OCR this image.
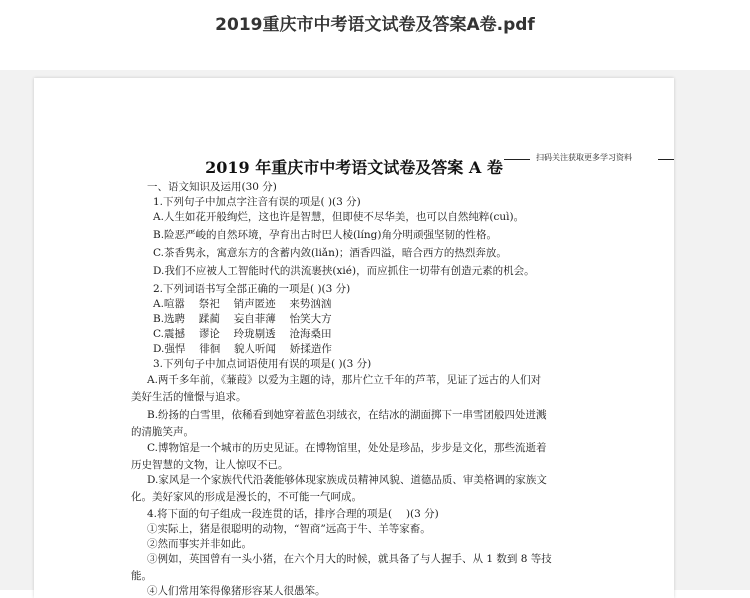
2019重庆市中考语文试卷及答案A卷.pdf
扫码关注获取更多学习资料
2019 年重庆市中考语文试卷及答案 A 卷
一、语文知识及运用(30 分)
1.下列句子中加点字注音有误的项是( )(3 分)
A.人生如花开般绚烂，这也许是智慧，但即使不尽华美，也可以自然纯粹(cuì)。
B.险恶严峻的自然环境，孕育出古时巴人棱(líng)角分明顽强坚韧的性格。
C.茶香隽永，寓意东方的含蓄内敛(liǎn)；酒香四溢，暗合西方的热烈奔放。
D.我们不应被人工智能时代的洪流裹挟(xié)，而应抓住一切带有创造元素的机会。
2.下列词语书写全部正确的一项是( )(3 分)
A.喧嚣　 祭祀　 销声匿迹　 来势汹汹
B.选聘　 蹂蔺　 妄自菲薄　 怡笑大方
C.震撼　 谬论　 玲珑剔透　 沧海桑田
D.强悍　 徘徊　 貌人听闻　 娇揉造作
3.下列句子中加点词语使用有误的项是( )(3 分)
A.两千多年前，《蒹葭》以爱为主题的诗，那片伫立千年的芦苇，见证了远古的人们对
美好生活的憧憬与追求。
B.纷扬的白雪里，依稀看到她穿着蓝色羽绒衣，在结冰的湖面掷下一串雪团般四处迸溅
的清脆笑声。
C.博物馆是一个城市的历史见证。在博物馆里，处处是珍品，步步是文化，那些流逝着
历史智慧的文物，让人惊叹不已。
D.家风是一个家族代代沿袭能够体现家族成员精神风貌、道德品质、审美格调的家族文
化。美好家风的形成是漫长的，不可能一气呵成。
4.将下面的句子组成一段连贯的话，排序合理的项是(　 )(3 分)
①实际上，猪是很聪明的动物，“智商”远高于牛、羊等家畜。
②然而事实并非如此。
③例如，英国曾有一头小猪，在六个月大的时候，就具备了与人握手、从 1 数到 8 等技
能。
④人们常用笨得像猪形容某人很愚笨。
